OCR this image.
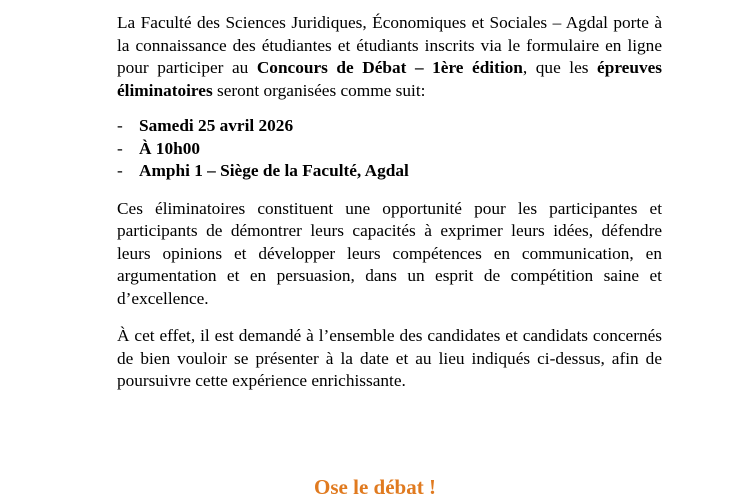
La Faculté des Sciences Juridiques, Économiques et Sociales – Agdal porte à la connaissance des étudiantes et étudiants inscrits via le formulaire en ligne pour participer au Concours de Débat – 1ère édition, que les épreuves éliminatoires seront organisées comme suit:

- Samedi 25 avril 2026
- À 10h00
- Amphi 1 – Siège de la Faculté, Agdal

Ces éliminatoires constituent une opportunité pour les participantes et participants de démontrer leurs capacités à exprimer leurs idées, défendre leurs opinions et développer leurs compétences en communication, en argumentation et en persuasion, dans un esprit de compétition saine et d’excellence.

À cet effet, il est demandé à l’ensemble des candidates et candidats concernés de bien vouloir se présenter à la date et au lieu indiqués ci-dessus, afin de poursuivre cette expérience enrichissante.

Ose le débat !
